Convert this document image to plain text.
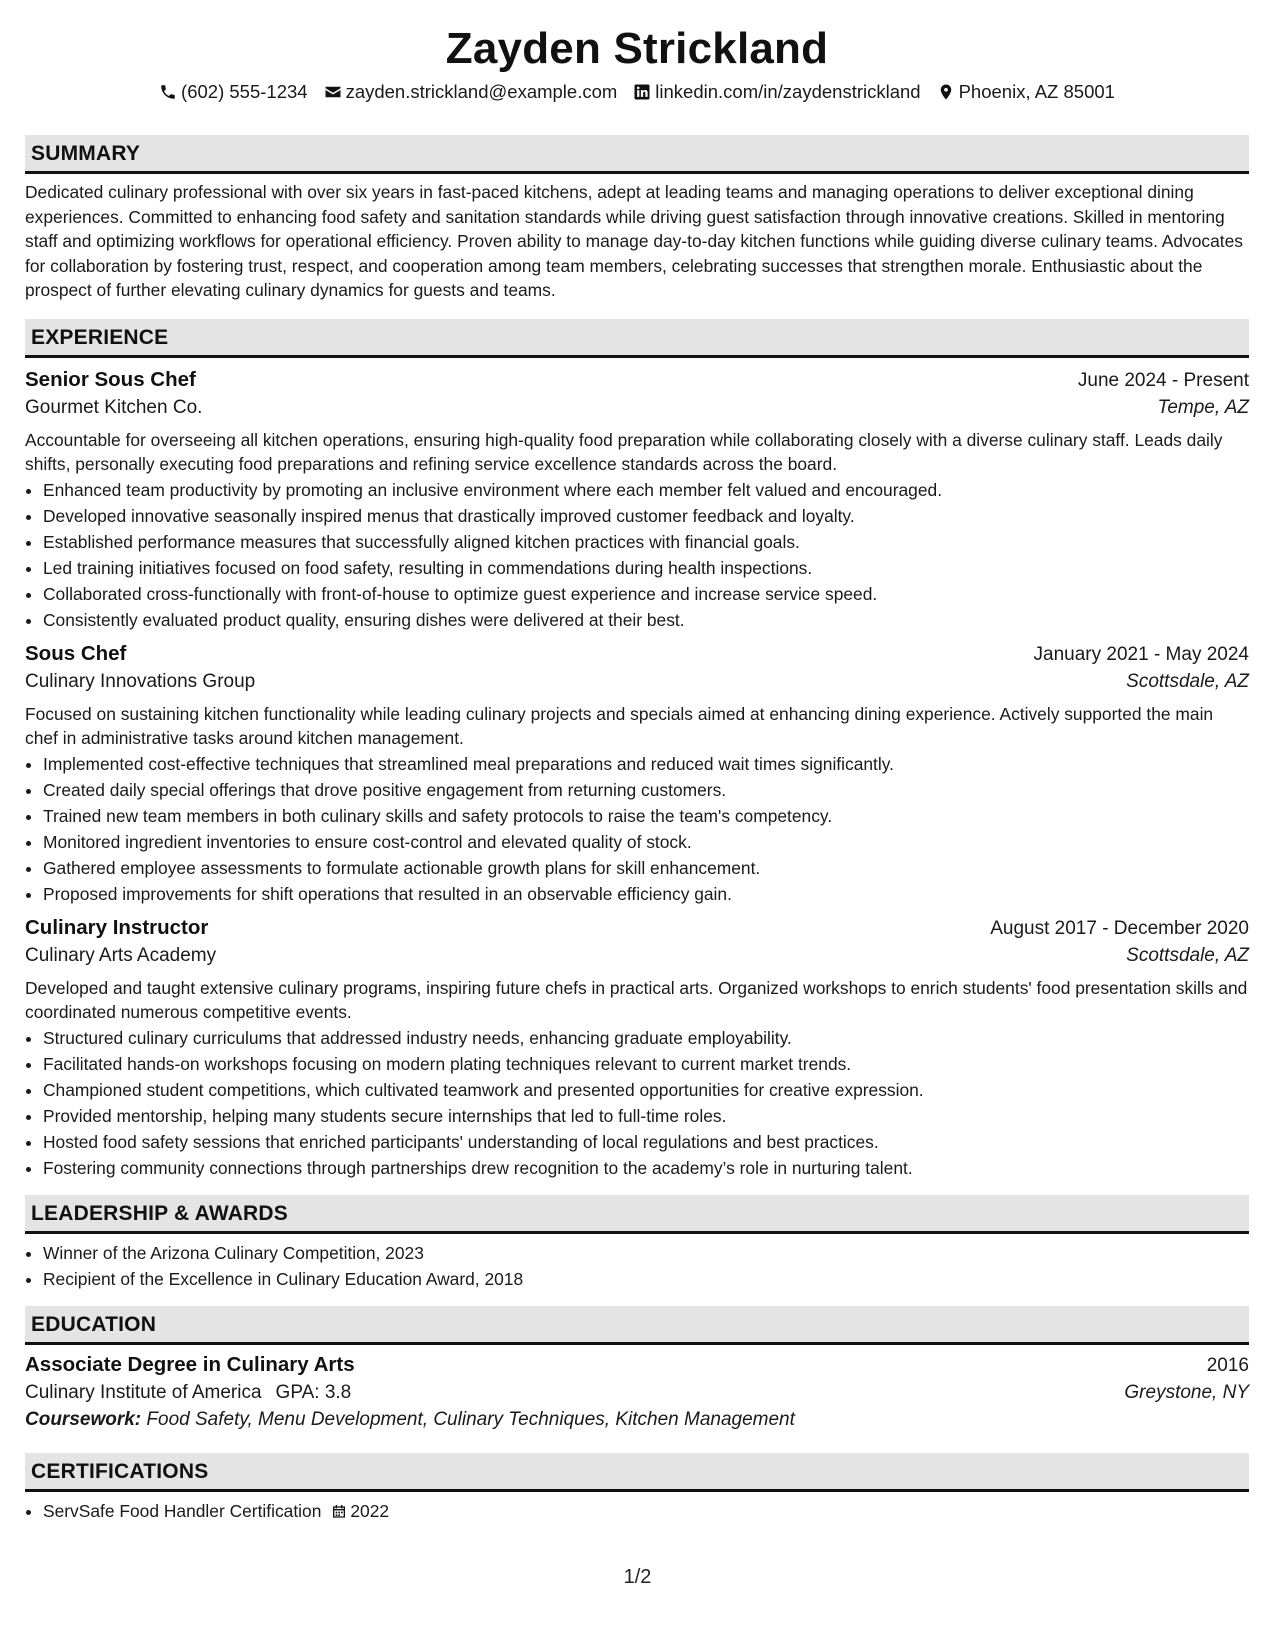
Zayden Strickland
(602) 555-1234 zayden.strickland@example.com linkedin.com/in/zaydenstrickland Phoenix, AZ 85001
SUMMARY
Dedicated culinary professional with over six years in fast-paced kitchens, adept at leading teams and managing operations to deliver exceptional dining experiences. Committed to enhancing food safety and sanitation standards while driving guest satisfaction through innovative creations. Skilled in mentoring staff and optimizing workflows for operational efficiency. Proven ability to manage day-to-day kitchen functions while guiding diverse culinary teams. Advocates for collaboration by fostering trust, respect, and cooperation among team members, celebrating successes that strengthen morale. Enthusiastic about the prospect of further elevating culinary dynamics for guests and teams.
EXPERIENCE
Senior Sous Chef	June 2024 - Present
Gourmet Kitchen Co.	Tempe, AZ
Accountable for overseeing all kitchen operations, ensuring high-quality food preparation while collaborating closely with a diverse culinary staff. Leads daily shifts, personally executing food preparations and refining service excellence standards across the board.
• Enhanced team productivity by promoting an inclusive environment where each member felt valued and encouraged.
• Developed innovative seasonally inspired menus that drastically improved customer feedback and loyalty.
• Established performance measures that successfully aligned kitchen practices with financial goals.
• Led training initiatives focused on food safety, resulting in commendations during health inspections.
• Collaborated cross-functionally with front-of-house to optimize guest experience and increase service speed.
• Consistently evaluated product quality, ensuring dishes were delivered at their best.
Sous Chef	January 2021 - May 2024
Culinary Innovations Group	Scottsdale, AZ
Focused on sustaining kitchen functionality while leading culinary projects and specials aimed at enhancing dining experience. Actively supported the main chef in administrative tasks around kitchen management.
• Implemented cost-effective techniques that streamlined meal preparations and reduced wait times significantly.
• Created daily special offerings that drove positive engagement from returning customers.
• Trained new team members in both culinary skills and safety protocols to raise the team's competency.
• Monitored ingredient inventories to ensure cost-control and elevated quality of stock.
• Gathered employee assessments to formulate actionable growth plans for skill enhancement.
• Proposed improvements for shift operations that resulted in an observable efficiency gain.
Culinary Instructor	August 2017 - December 2020
Culinary Arts Academy	Scottsdale, AZ
Developed and taught extensive culinary programs, inspiring future chefs in practical arts. Organized workshops to enrich students' food presentation skills and coordinated numerous competitive events.
• Structured culinary curriculums that addressed industry needs, enhancing graduate employability.
• Facilitated hands-on workshops focusing on modern plating techniques relevant to current market trends.
• Championed student competitions, which cultivated teamwork and presented opportunities for creative expression.
• Provided mentorship, helping many students secure internships that led to full-time roles.
• Hosted food safety sessions that enriched participants' understanding of local regulations and best practices.
• Fostering community connections through partnerships drew recognition to the academy’s role in nurturing talent.
LEADERSHIP & AWARDS
• Winner of the Arizona Culinary Competition, 2023
• Recipient of the Excellence in Culinary Education Award, 2018
EDUCATION
Associate Degree in Culinary Arts	2016
Culinary Institute of America GPA: 3.8	Greystone, NY
Coursework: Food Safety, Menu Development, Culinary Techniques, Kitchen Management
CERTIFICATIONS
• ServSafe Food Handler Certification 2022
1/2
